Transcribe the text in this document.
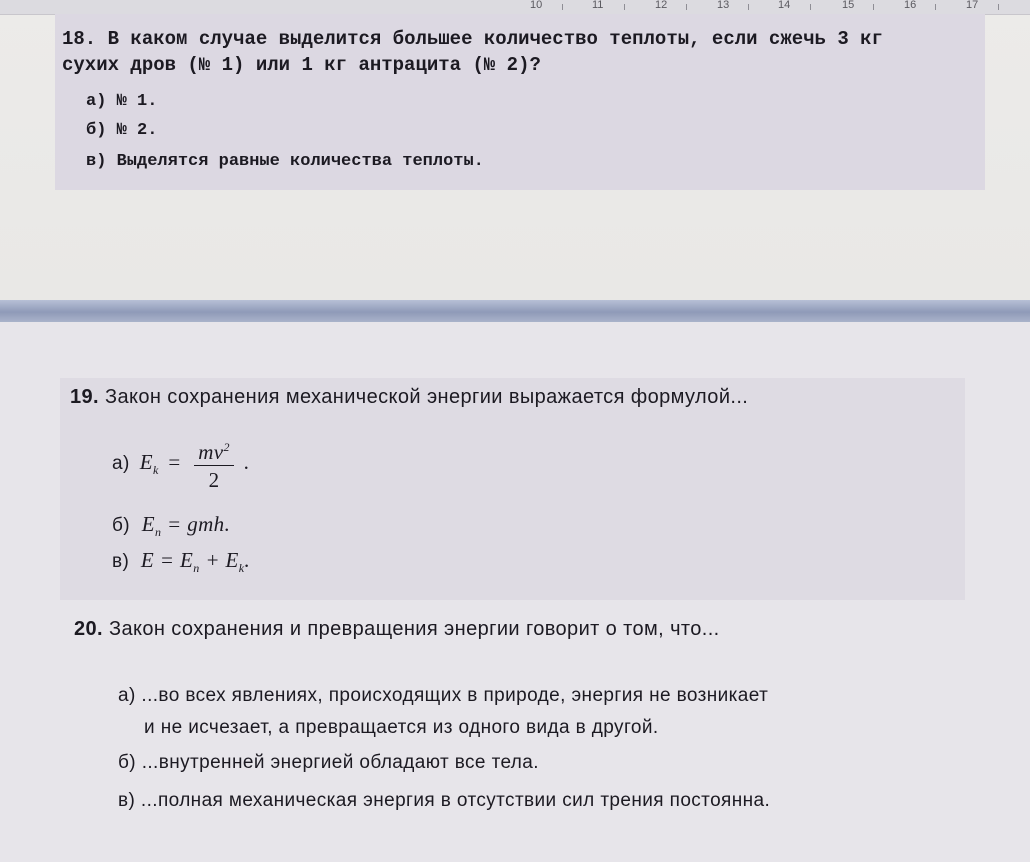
10	11	12	13	14	15	16	17
18. В каком случае выделится большее количество теплоты, если сжечь 3 кг
сухих дров (№ 1) или 1 кг антрацита (№ 2)?
а) № 1.
б) № 2.
в) Выделятся равные количества теплоты.
19. Закон сохранения механической энергии выражается формулой...
а) $E_k = \frac{mv^2}{2}$ .
б) $E_п$ = gmh.
в) $E = E_п + E_k$.
20. Закон сохранения и превращения энергии говорит о том, что...
а) ...во всех явлениях, происходящих в природе, энергия не возникает
и не исчезает, а превращается из одного вида в другой.
б) ...внутренней энергией обладают все тела.
в) ...полная механическая энергия в отсутствии сил трения постоянна.
